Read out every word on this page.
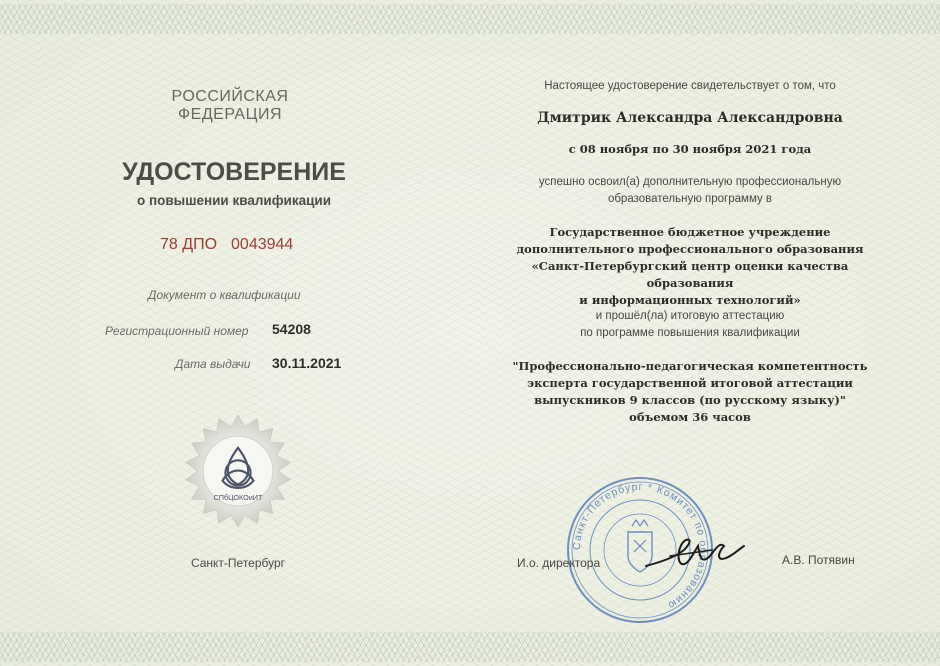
РОССИЙСКАЯ ФЕДЕРАЦИЯ
УДОСТОВЕРЕНИЕ
о повышении квалификации
78 ДПО 0043944
Документ о квалификации
Регистрационный номер 54208
Дата выдачи 30.11.2021
СПбЦОКОиИТ
Санкт-Петербург
Настоящее удостоверение свидетельствует о том, что
Дмитрик Александра Александровна
с 08 ноября по 30 ноября 2021 года
успешно освоил(а) дополнительную профессиональную
образовательную программу в
Государственное бюджетное учреждение
дополнительного профессионального образования
«Санкт-Петербургский центр оценки качества образования
и информационных технологий»
и прошёл(ла) итоговую аттестацию
по программе повышения квалификации
"Профессионально-педагогическая компетентность
эксперта государственной итоговой аттестации
выпускников 9 классов (по русскому языку)"
объемом 36 часов
Санкт-Петербург * Комитет по образованию
И.о. директора	А.В. Потявин
